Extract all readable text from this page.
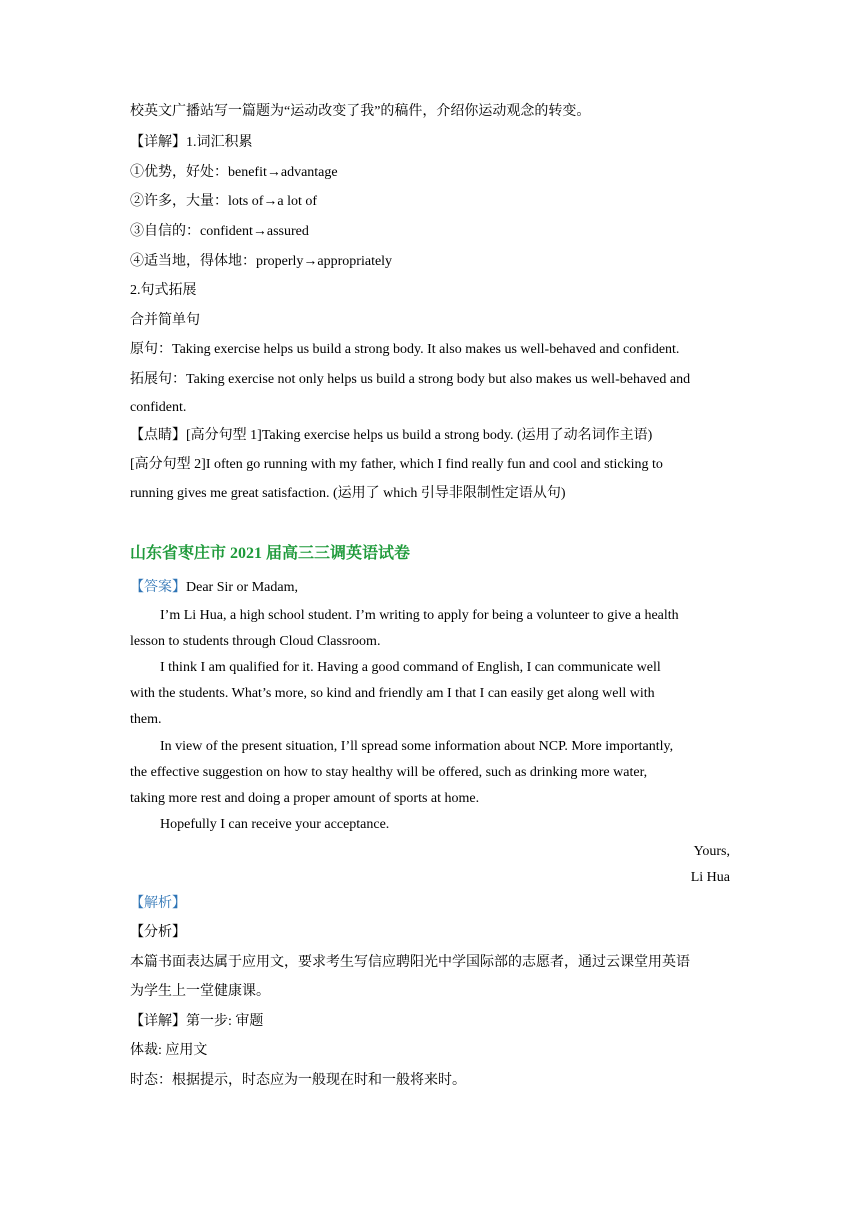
校英文广播站写一篇题为“运动改变了我”的稿件，介绍你运动观念的转变。
【详解】1.词汇积累
①优势，好处：benefit→advantage
②许多，大量：lots of→a lot of
③自信的：confident→assured
④适当地，得体地：properly→appropriately
2.句式拓展
合并简单句
原句：Taking exercise helps us build a strong body. It also makes us well-behaved and confident.
拓展句：Taking exercise not only helps us build a strong body but also makes us well-behaved and
confident.
【点睛】[高分句型 1]Taking exercise helps us build a strong body. (运用了动名词作主语)
[高分句型 2]I often go running with my father, which I find really fun and cool and sticking to
running gives me great satisfaction. (运用了 which 引导非限制性定语从句)
山东省枣庄市 2021 届高三三调英语试卷
【答案】Dear Sir or Madam,
I’m Li Hua, a high school student. I’m writing to apply for being a volunteer to give a health
lesson to students through Cloud Classroom.
I think I am qualified for it. Having a good command of English, I can communicate well
with the students. What’s more, so kind and friendly am I that I can easily get along well with
them.
In view of the present situation, I’ll spread some information about NCP. More importantly,
the effective suggestion on how to stay healthy will be offered, such as drinking more water,
taking more rest and doing a proper amount of sports at home.
Hopefully I can receive your acceptance.
Yours,
Li Hua
【解析】
【分析】
本篇书面表达属于应用文，要求考生写信应聘阳光中学国际部的志愿者，通过云课堂用英语
为学生上一堂健康课。
【详解】第一步: 审题
体裁: 应用文
时态：根据提示，时态应为一般现在时和一般将来时。
